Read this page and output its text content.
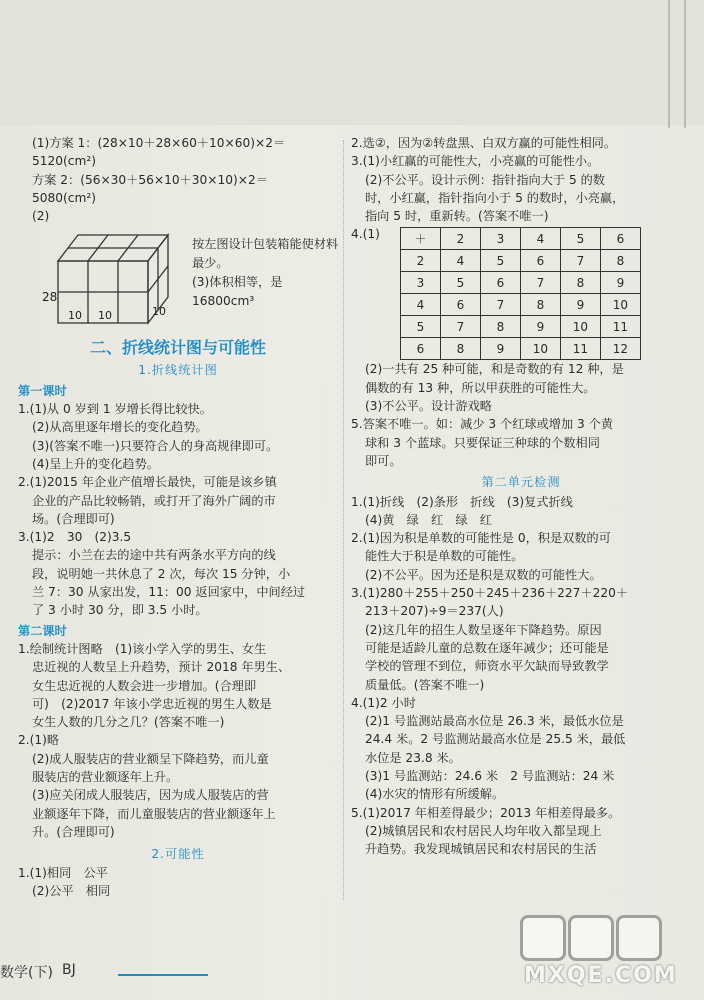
(1)方案 1：(28×10＋28×60＋10×60)×2＝
5120(cm²)
方案 2：(56×30＋56×10＋30×10)×2＝
5080(cm²)
(2)
28
10 10	10
按左图设计包装箱能使材料最少。
(3)体积相等，是16800cm³
二、折线统计图与可能性
1.折线统计图
第一课时
1.(1)从 0 岁到 1 岁增长得比较快。
(2)从高里逐年增长的变化趋势。
(3)(答案不唯一)只要符合人的身高规律即可。
(4)呈上升的变化趋势。
2.(1)2015 年企业产值增长最快，可能是该乡镇
企业的产品比较畅销，或打开了海外广阔的市
场。(合理即可)
3.(1)2　30　(2)3.5
提示：小兰在去的途中共有两条水平方向的线
段，说明她一共休息了 2 次，每次 15 分钟，小
兰 7：30 从家出发，11：00 返回家中，中间经过
了 3 小时 30 分，即 3.5 小时。
第二课时
1.绘制统计图略　(1)该小学入学的男生、女生
忠近视的人数呈上升趋势，预计 2018 年男生、
女生忠近视的人数会进一步增加。(合理即
可)　(2)2017 年该小学忠近视的男生人数是
女生人数的几分之几？(答案不唯一)
2.(1)略
(2)成人服装店的营业额呈下降趋势，而儿童
服装店的营业额逐年上升。
(3)应关闭成人服装店，因为成人服装店的营
业额逐年下降，而儿童服装店的营业额逐年上
升。(合理即可)
2.可能性
1.(1)相同　公平
(2)公平　相同
2.选②，因为②转盘黑、白双方赢的可能性相同。
3.(1)小红赢的可能性大，小亮赢的可能性小。
(2)不公平。设计示例：指针指向大于 5 的数
时，小红赢，指针指向小于 5 的数时，小亮赢，
指向 5 时，重新转。(答案不唯一)
4.(1)	＋	2	3	4	5	6
2	4	5	6	7	8
3	5	6	7	8	9
4	6	7	8	9	10
5	7	8	9	10	11
6	8	9	10	11	12
(2)一共有 25 种可能，和是奇数的有 12 种，是
偶数的有 13 种，所以甲获胜的可能性大。
(3)不公平。设计游戏略
5.答案不唯一。如：减少 3 个红球或增加 3 个黄
球和 3 个蓝球。只要保证三种球的个数相同
即可。
第二单元检测
1.(1)折线　(2)条形　折线　(3)复式折线
(4)黄　绿　红　绿　红
2.(1)因为积是单数的可能性是 0，积是双数的可
能性大于积是单数的可能性。
(2)不公平。因为还是积是双数的可能性大。
3.(1)280＋255＋250＋245＋236＋227＋220＋
213＋207)÷9＝237(人)
(2)这几年的招生人数呈逐年下降趋势。原因
可能是适龄儿童的总数在逐年减少；还可能是
学校的管理不到位，师资水平欠缺而导致教学
质量低。(答案不唯一)
4.(1)2 小时
(2)1 号监测站最高水位是 26.3 米，最低水位是
24.4 米。2 号监测站最高水位是 25.5 米，最低
水位是 23.8 米。
(3)1 号监测站：24.6 米　2 号监测站：24 米
(4)水灾的情形有所缓解。
5.(1)2017 年相差得最少；2013 年相差得最多。
(2)城镇居民和农村居民人均年收入都呈现上
升趋势。我发现城镇居民和农村居民的生活
数学(下) BJ	MXQE.COM
